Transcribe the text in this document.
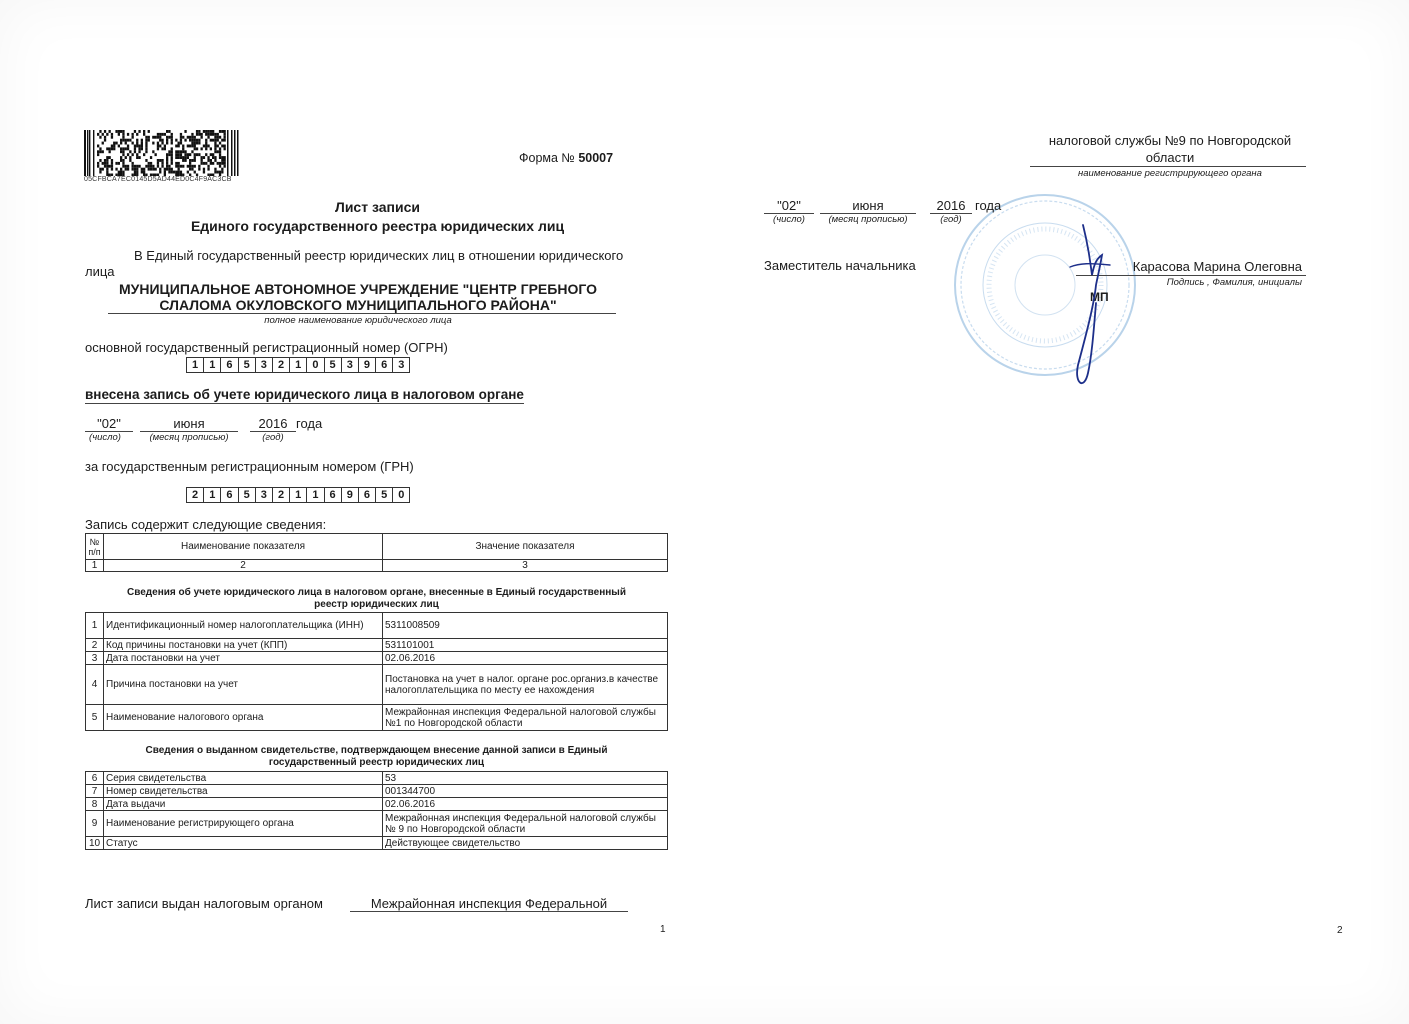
05CFBCA7EC0145D5AD44ED0C4F9AC3CB
Форма № 50007
Лист записи
Единого государственного реестра юридических лиц
В Единый государственный реестр юридических лиц в отношении юридического
лица
МУНИЦИПАЛЬНОЕ АВТОНОМНОЕ УЧРЕЖДЕНИЕ "ЦЕНТР ГРЕБНОГО
СЛАЛОМА ОКУЛОВСКОГО МУНИЦИПАЛЬНОГО РАЙОНА"
полное наименование юридического лица
основной государственный регистрационный номер (ОГРН)
1	1	6	5	3	2	1	0	5	3	9	6	3
внесена запись об учете юридического лица в налоговом органе
"02"	июня	2016 года
(число)	(месяц прописью)	(год)
за государственным регистрационным номером (ГРН)
2	1	6	5	3	2	1	1	6	9	6	5	0
Запись содержит следующие сведения:
№ п/п	Наименование показателя	Значение показателя
1	2	3
Сведения об учете юридического лица в налоговом органе, внесенные в Единый государственный
реестр юридических лиц
1	Идентификационный номер налогоплательщика (ИНН)	5311008509
2	Код причины постановки на учет (КПП)	531101001
3	Дата постановки на учет	02.06.2016
4	Причина постановки на учет	Постановка на учет в налог. органе рос.организ.в качестве налогоплательщика по месту ее нахождения
5	Наименование налогового органа	Межрайонная инспекция Федеральной налоговой службы №1 по Новгородской области
Сведения о выданном свидетельстве, подтверждающем внесение данной записи в Единый
государственный реестр юридических лиц
6	Серия свидетельства	53
7	Номер свидетельства	001344700
8	Дата выдачи	02.06.2016
9	Наименование регистрирующего органа	Межрайонная инспекция Федеральной налоговой службы № 9 по Новгородской области
10	Статус	Действующее свидетельство
Лист записи выдан налоговым органом	Межрайонная инспекция Федеральной
1	2
налоговой службы №9 по Новгородской
области
наименование регистрирующего органа
"02"	июня	2016 года
(число)	(месяц прописью)	(год)
Заместитель начальника	Карасова Марина Олеговна
Подпись , Фамилия, инициалы
МП
